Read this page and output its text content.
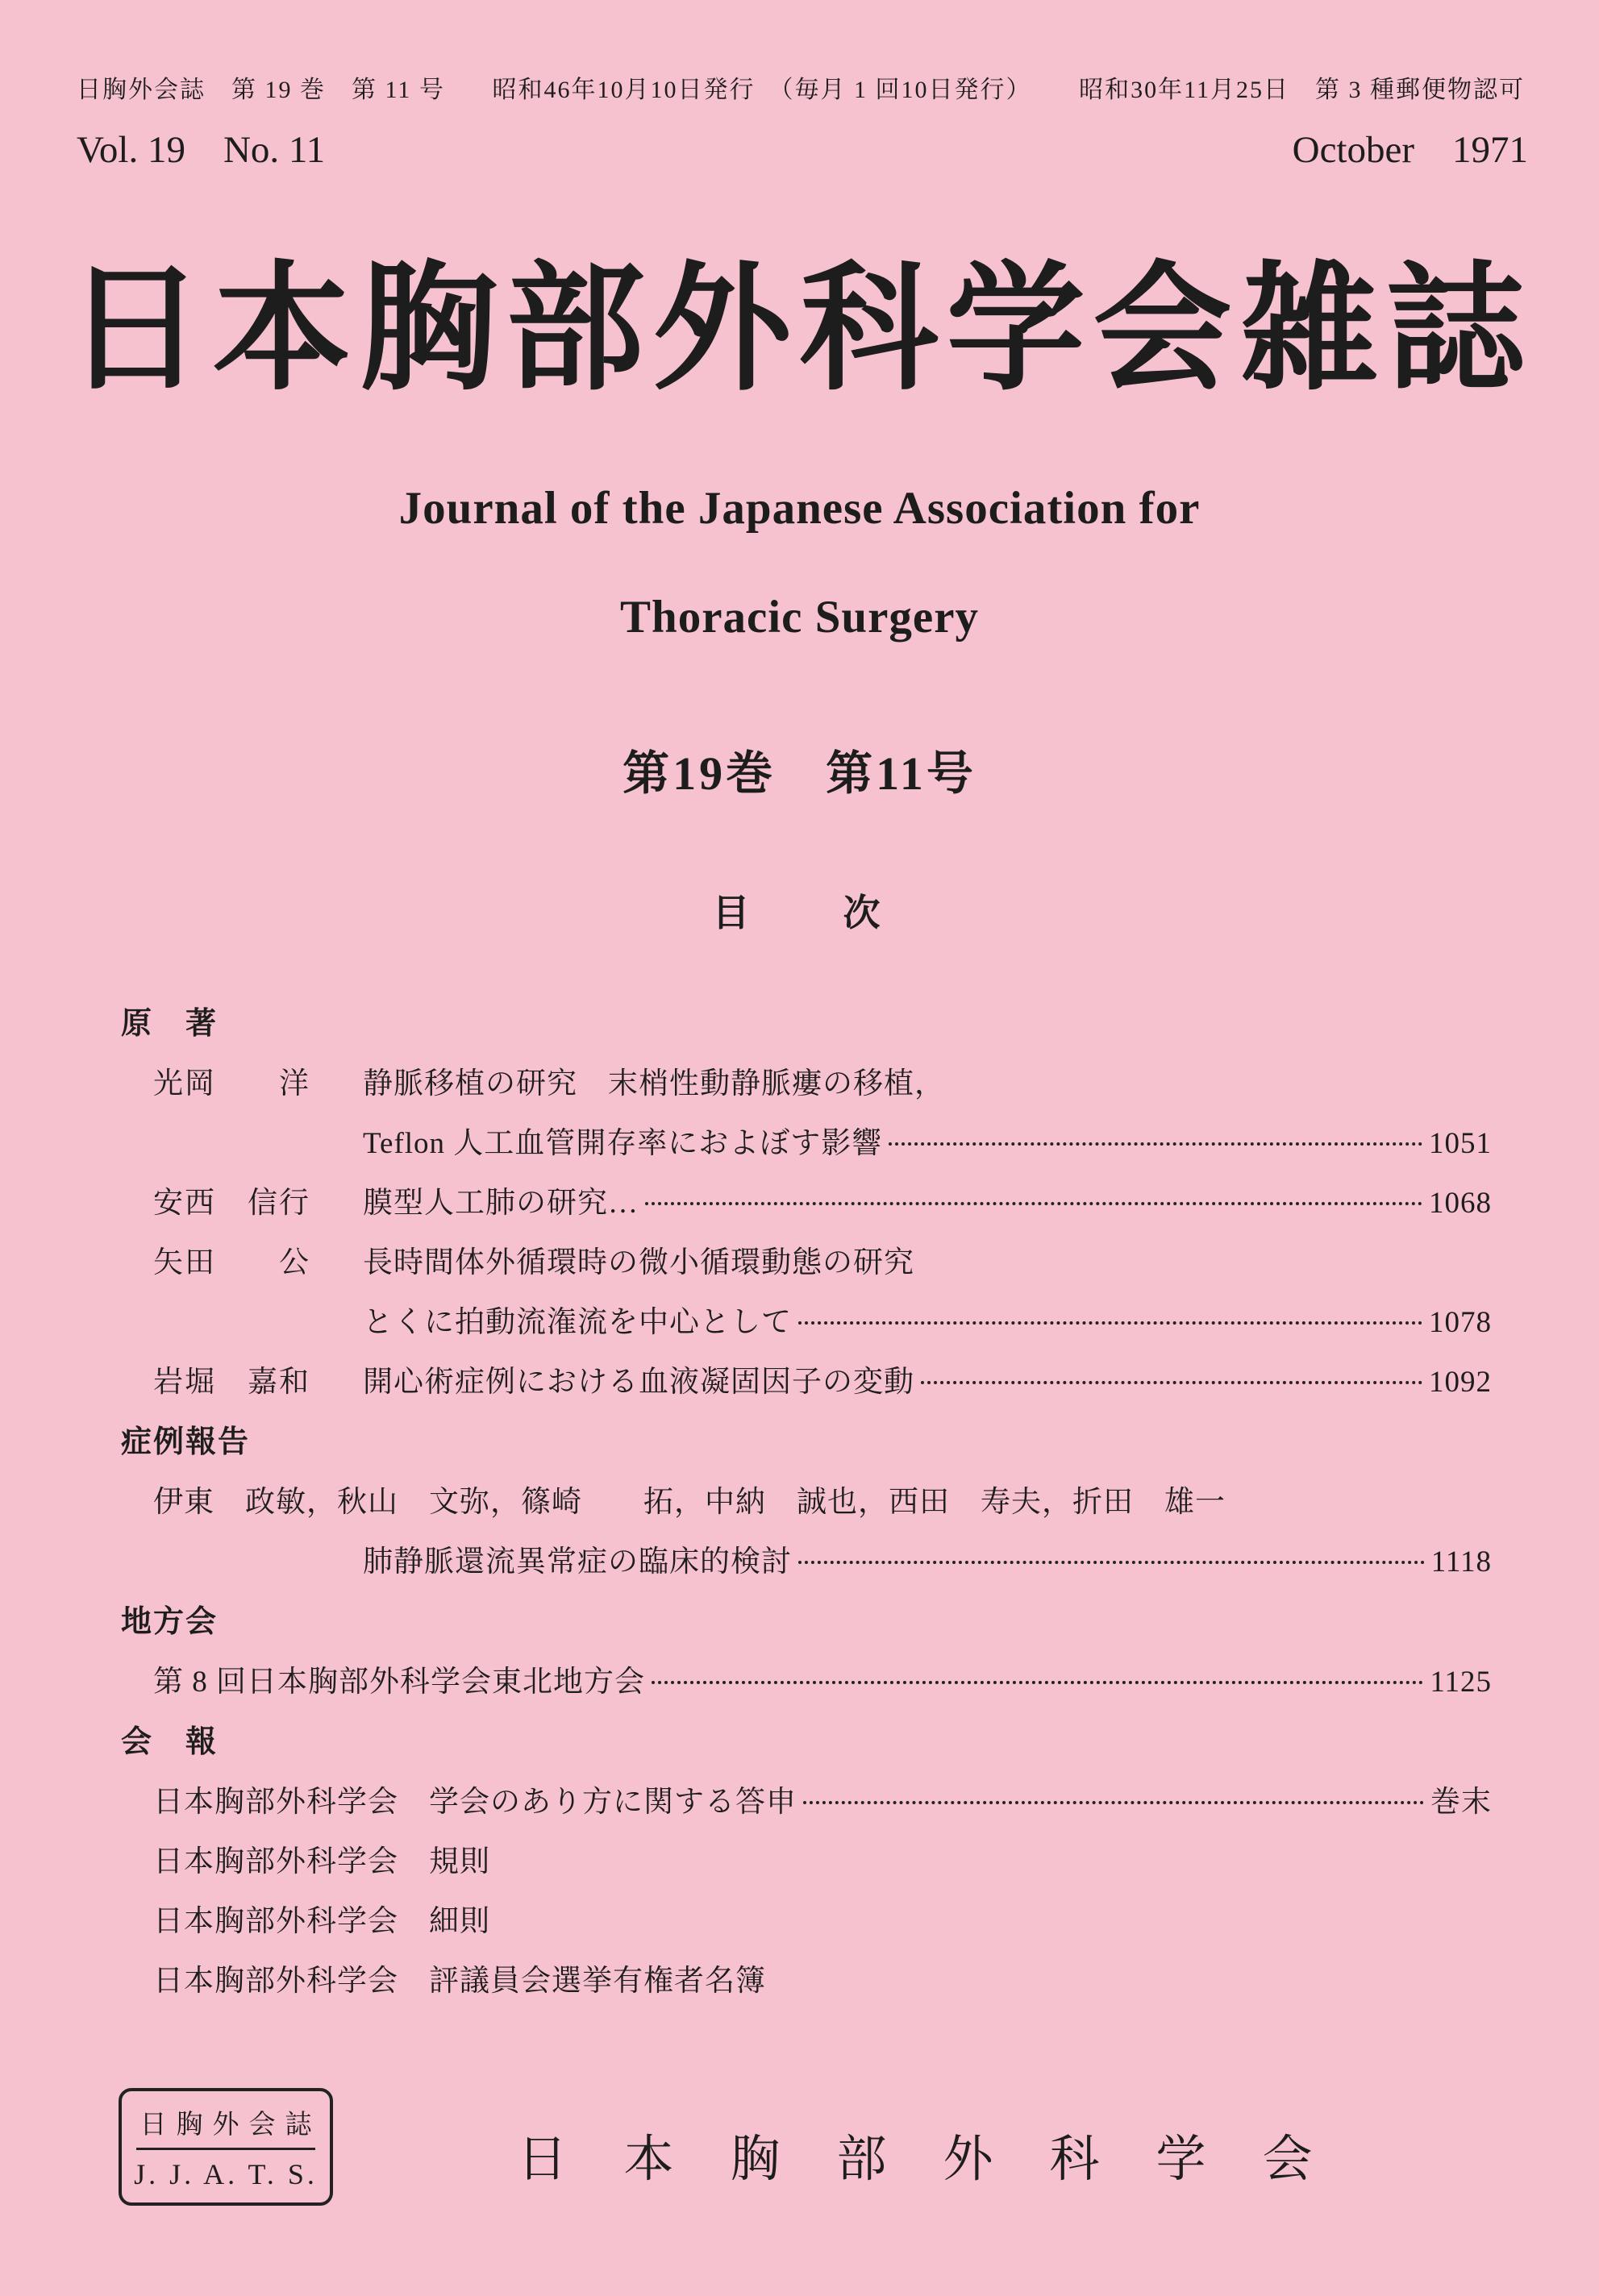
日胸外会誌　第 19 巻　第 11 号 昭和46年10月10日発行　（毎月 1 回10日発行） 昭和30年11月25日　第 3 種郵便物認可
Vol. 19　No. 11	October　1971
日本胸部外科学会雑誌
Journal of the Japanese Association for
Thoracic Surgery
第19巻　第11号
目　　次
原　著
光岡　　洋	静脈移植の研究　末梢性動静脈瘻の移植，
Teflon 人工血管開存率におよぼす影響	1051
安西　信行	膜型人工肺の研究…	1068
矢田　　公	長時間体外循環時の微小循環動態の研究
とくに拍動流潅流を中心として	1078
岩堀　嘉和	開心術症例における血液凝固因子の変動	1092
症例報告
伊東　政敏，秋山　文弥，篠崎　　拓，中納　誠也，西田　寿夫，折田　雄一
肺静脈還流異常症の臨床的検討	1118
地方会
第 8 回日本胸部外科学会東北地方会	1125
会　報
日本胸部外科学会　学会のあり方に関する答申	巻末
日本胸部外科学会　規則
日本胸部外科学会　細則
日本胸部外科学会　評議員会選挙有権者名簿
日胸外会誌
J. J. A. T. S.	日　本　胸　部　外　科　学　会
